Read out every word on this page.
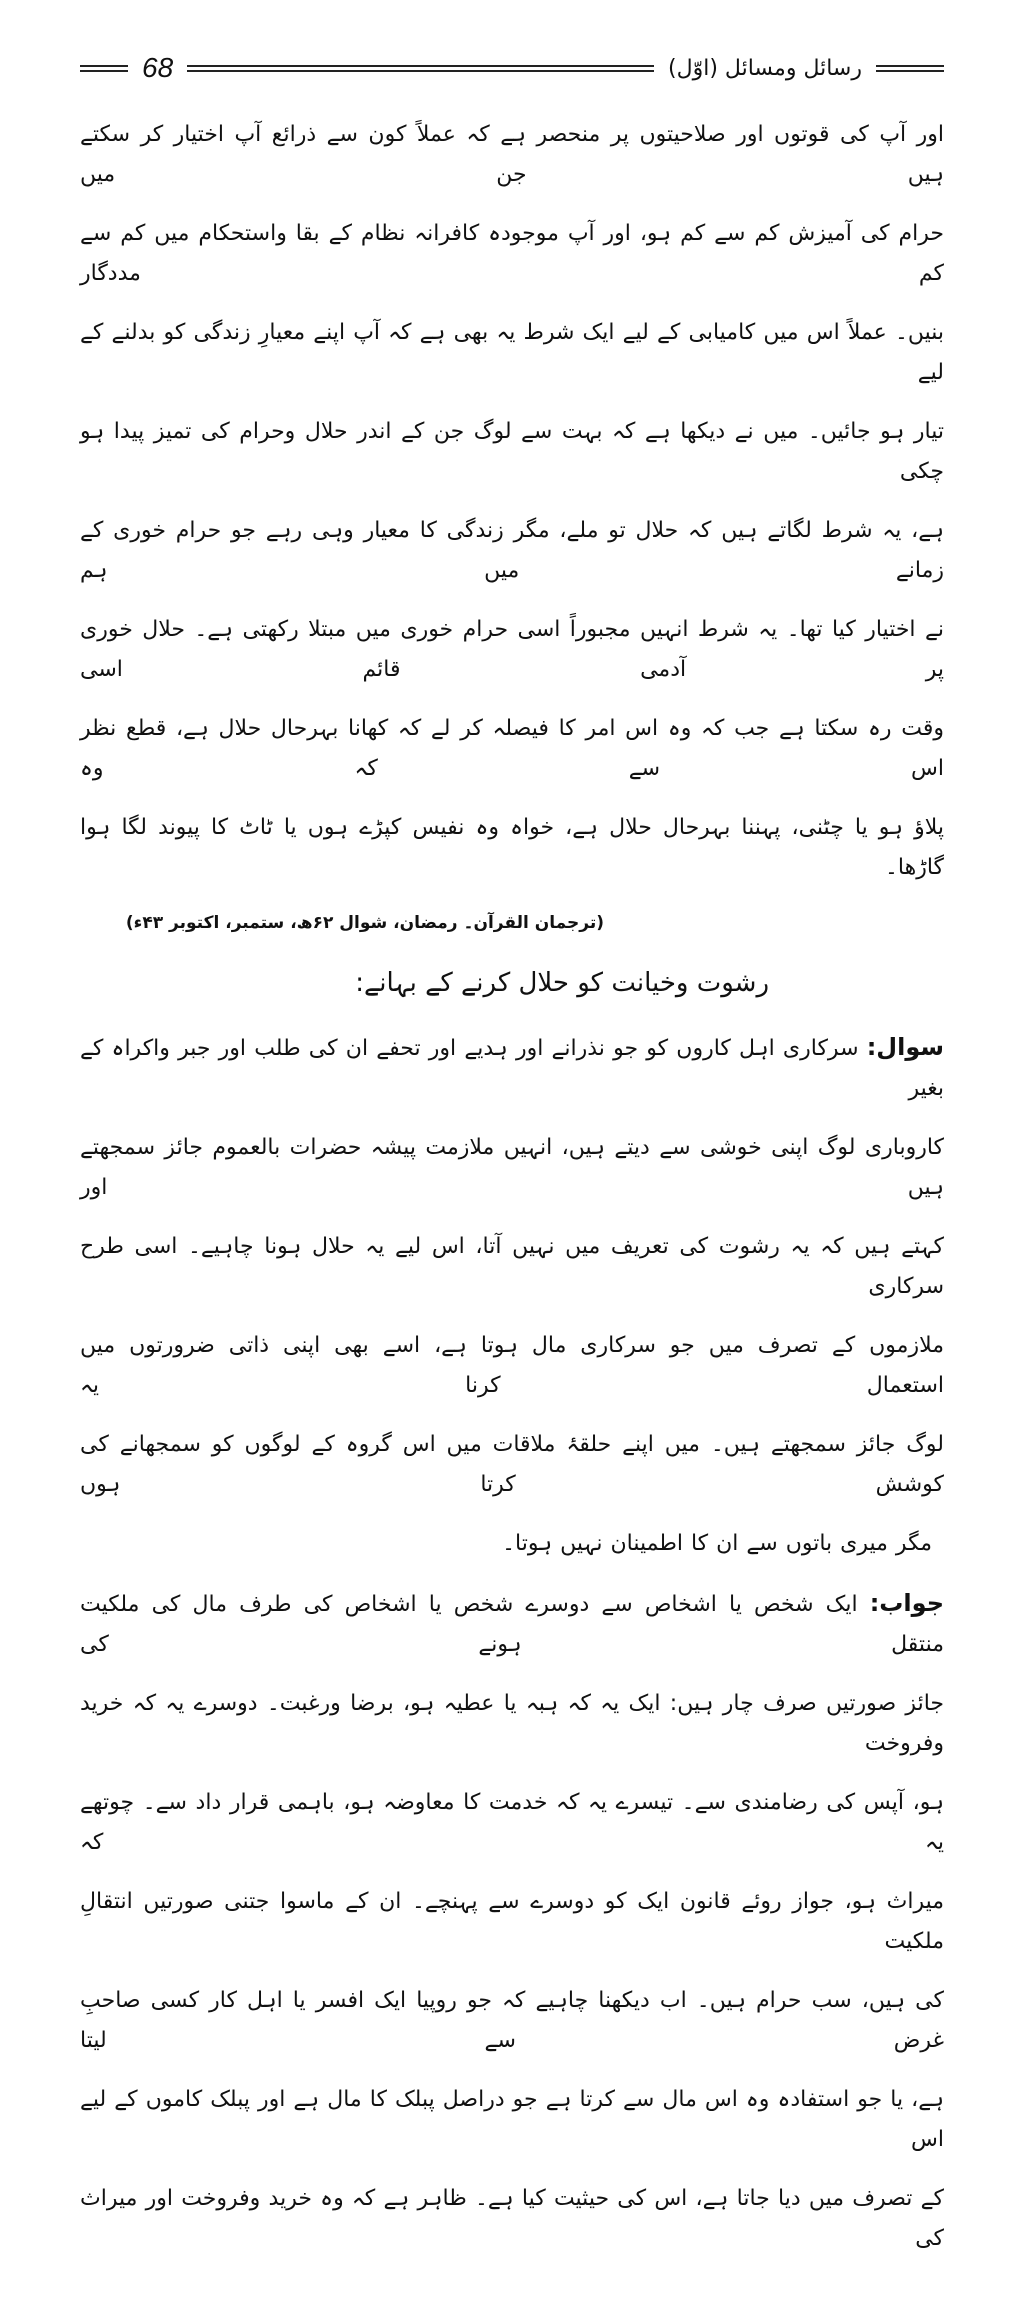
68	رسائل ومسائل (اوّل)
اور آپ کی قوتوں اور صلاحیتوں پر منحصر ہے کہ عملاً کون سے ذرائع آپ اختیار کر سکتے ہیں جن میں
حرام کی آمیزش کم سے کم ہو، اور آپ موجودہ کافرانہ نظام کے بقا واستحکام میں کم سے کم مددگار
بنیں۔ عملاً اس میں کامیابی کے لیے ایک شرط یہ بھی ہے کہ آپ اپنے معیارِ زندگی کو بدلنے کے لیے
تیار ہو جائیں۔ میں نے دیکھا ہے کہ بہت سے لوگ جن کے اندر حلال وحرام کی تمیز پیدا ہو چکی
ہے، یہ شرط لگاتے ہیں کہ حلال تو ملے، مگر زندگی کا معیار وہی رہے جو حرام خوری کے زمانے میں ہم
نے اختیار کیا تھا۔ یہ شرط انہیں مجبوراً اسی حرام خوری میں مبتلا رکھتی ہے۔ حلال خوری پر آدمی قائم اسی
وقت رہ سکتا ہے جب کہ وہ اس امر کا فیصلہ کر لے کہ کھانا بہرحال حلال ہے، قطع نظر اس سے کہ وہ
پلاؤ ہو یا چٹنی، پہننا بہرحال حلال ہے، خواہ وہ نفیس کپڑے ہوں یا ٹاٹ کا پیوند لگا ہوا گاڑھا۔
(ترجمان القرآن۔ رمضان، شوال ۶۲ھ، ستمبر، اکتوبر ۴۳ء)
رشوت وخیانت کو حلال کرنے کے بہانے:
سوال: سرکاری اہل کاروں کو جو نذرانے اور ہدیے اور تحفے ان کی طلب اور جبر واکراہ کے بغیر
کاروباری لوگ اپنی خوشی سے دیتے ہیں، انہیں ملازمت پیشہ حضرات بالعموم جائز سمجھتے ہیں اور
کہتے ہیں کہ یہ رشوت کی تعریف میں نہیں آتا، اس لیے یہ حلال ہونا چاہیے۔ اسی طرح سرکاری
ملازموں کے تصرف میں جو سرکاری مال ہوتا ہے، اسے بھی اپنی ذاتی ضرورتوں میں استعمال کرنا یہ
لوگ جائز سمجھتے ہیں۔ میں اپنے حلقۂ ملاقات میں اس گروہ کے لوگوں کو سمجھانے کی کوشش کرتا ہوں
مگر میری باتوں سے ان کا اطمینان نہیں ہوتا۔
جواب: ایک شخص یا اشخاص سے دوسرے شخص یا اشخاص کی طرف مال کی ملکیت منتقل ہونے کی
جائز صورتیں صرف چار ہیں: ایک یہ کہ ہبہ یا عطیہ ہو، برضا ورغبت۔ دوسرے یہ کہ خرید وفروخت
ہو، آپس کی رضامندی سے۔ تیسرے یہ کہ خدمت کا معاوضہ ہو، باہمی قرار داد سے۔ چوتھے یہ کہ
میراث ہو، جواز روئے قانون ایک کو دوسرے سے پہنچے۔ ان کے ماسوا جتنی صورتیں انتقالِ ملکیت
کی ہیں، سب حرام ہیں۔ اب دیکھنا چاہیے کہ جو روپیا ایک افسر یا اہل کار کسی صاحبِ غرض سے لیتا
ہے، یا جو استفادہ وہ اس مال سے کرتا ہے جو دراصل پبلک کا مال ہے اور پبلک کاموں کے لیے اس
کے تصرف میں دیا جاتا ہے، اس کی حیثیت کیا ہے۔ ظاہر ہے کہ وہ خرید وفروخت اور میراث کی
